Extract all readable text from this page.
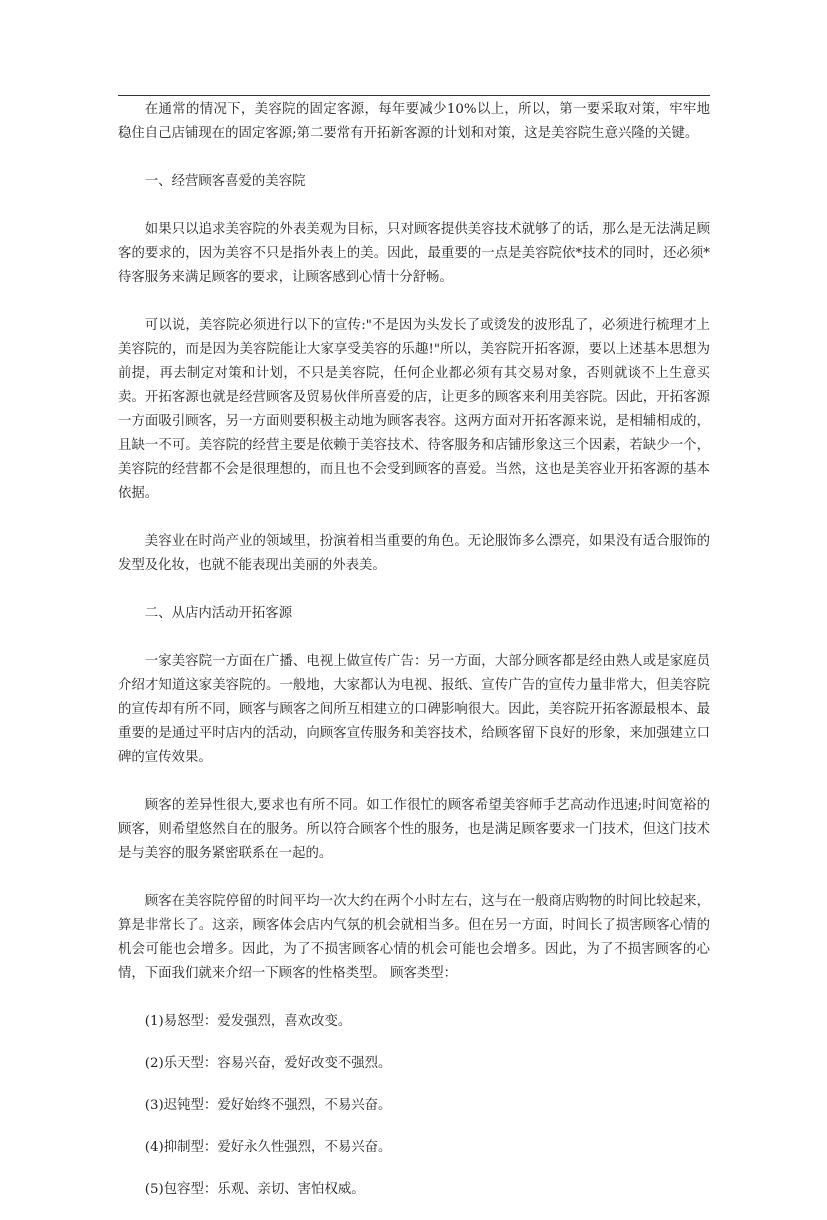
在通常的情况下，美容院的固定客源，每年要减少10%以上，所以，第一要采取对策，牢牢地稳住自己店铺现在的固定客源;第二要常有开拓新客源的计划和对策，这是美容院生意兴隆的关键。

一、经营顾客喜爱的美容院

如果只以追求美容院的外表美观为目标，只对顾客提供美容技术就够了的话，那么是无法满足顾客的要求的，因为美容不只是指外表上的美。因此，最重要的一点是美容院依*技术的同时，还必须*待客服务来满足顾客的要求，让顾客感到心情十分舒畅。

可以说，美容院必须进行以下的宣传:"不是因为头发长了或烫发的波形乱了，必须进行梳理才上美容院的，而是因为美容院能让大家享受美容的乐趣!"所以，美容院开拓客源，要以上述基本思想为前提，再去制定对策和计划，不只是美容院，任何企业都必须有其交易对象，否则就谈不上生意买卖。开拓客源也就是经营顾客及贸易伙伴所喜爱的店，让更多的顾客来利用美容院。因此，开拓客源一方面吸引顾客，另一方面则要积极主动地为顾客表容。这两方面对开拓客源来说，是相辅相成的，且缺一不可。美容院的经营主要是依赖于美容技术、待客服务和店铺形象这三个因素，若缺少一个，美容院的经营都不会是很理想的，而且也不会受到顾客的喜爱。当然，这也是美容业开拓客源的基本依据。

美容业在时尚产业的领域里，扮演着相当重要的角色。无论服饰多么漂亮，如果没有适合服饰的发型及化妆，也就不能表现出美丽的外表美。

二、从店内活动开拓客源

一家美容院一方面在广播、电视上做宣传广告：另一方面，大部分顾客都是经由熟人或是家庭员介绍才知道这家美容院的。一般地，大家都认为电视、报纸、宣传广告的宣传力量非常大，但美容院的宣传却有所不同，顾客与顾客之间所互相建立的口碑影响很大。因此，美容院开拓客源最根本、最重要的是通过平时店内的活动，向顾客宣传服务和美容技术，给顾客留下良好的形象，来加强建立口碑的宣传效果。

顾客的差异性很大,要求也有所不同。如工作很忙的顾客希望美容师手艺高动作迅速;时间宽裕的顾客，则希望悠然自在的服务。所以符合顾客个性的服务，也是满足顾客要求一门技术，但这门技术是与美容的服务紧密联系在一起的。

顾客在美容院停留的时间平均一次大约在两个小时左右，这与在一般商店购物的时间比较起来，算是非常长了。这亲，顾客体会店内气氛的机会就相当多。但在另一方面，时间长了损害顾客心情的机会可能也会增多。因此，为了不损害顾客心情的机会可能也会增多。因此，为了不损害顾客的心情，下面我们就来介绍一下顾客的性格类型。 顾客类型：

(1)易怒型：爱发强烈，喜欢改变。

(2)乐天型：容易兴奋，爱好改变不强烈。

(3)迟钝型：爱好始终不强烈，不易兴奋。

(4)抑制型：爱好永久性强烈，不易兴奋。

(5)包容型：乐观、亲切、害怕权威。
